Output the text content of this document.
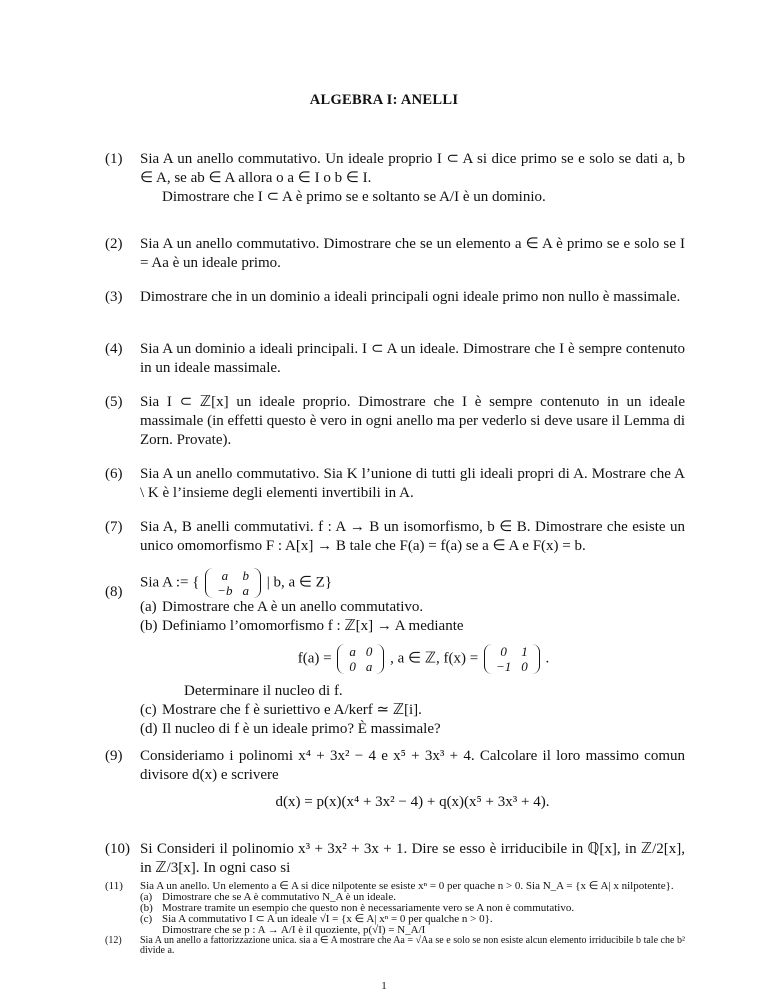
ALGEBRA I: ANELLI
(1) Sia A un anello commutativo. Un ideale proprio I ⊂ A si dice primo se e solo se dati a, b ∈ A, se ab ∈ A allora o a ∈ I o b ∈ I.
Dimostrare che I ⊂ A è primo se e soltanto se A/I è un dominio.
(2) Sia A un anello commutativo. Dimostrare che se un elemento a ∈ A è primo se e solo se I = Aa è un ideale primo.
(3) Dimostrare che in un dominio a ideali principali ogni ideale primo non nullo è massimale.
(4) Sia A un dominio a ideali principali. I ⊂ A un ideale. Dimostrare che I è sempre contenuto in un ideale massimale.
(5) Sia I ⊂ ℤ[x] un ideale proprio. Dimostrare che I è sempre contenuto in un ideale massimale (in effetti questo è vero in ogni anello ma per vederlo si deve usare il Lemma di Zorn. Provate).
(6) Sia A un anello commutativo. Sia K l’unione di tutti gli ideali propri di A. Mostrare che A \ K è l’insieme degli elementi invertibili in A.
(7) Sia A, B anelli commutativi. f : A → B un isomorfismo, b ∈ B. Dimostrare che esiste un unico omomorfismo F : A[x] → B tale che F(a) = f(a) se a ∈ A e F(x) = b.
(8)
Sia A := { a	b
−b	a
| b, a ∈ Z}
(a) Dimostrare che A è un anello commutativo.
(b) Definiamo l’omomorfismo f : ℤ[x] → A mediante
f(a) = a	0
0	a
, a ∈ ℤ, f(x) = 0	1
−1	0
.
Determinare il nucleo di f.
(c) Mostrare che f è suriettivo e A/kerf ≃ ℤ[i].
(d) Il nucleo di f è un ideale primo? È massimale?
(9) Consideriamo i polinomi x⁴ + 3x² − 4 e x⁵ + 3x³ + 4. Calcolare il loro massimo comun divisore d(x) e scrivere
d(x) = p(x)(x⁴ + 3x² − 4) + q(x)(x⁵ + 3x³ + 4).
(10) Si Consideri il polinomio x³ + 3x² + 3x + 1. Dire se esso è irriducibile in ℚ[x], in ℤ/2[x], in ℤ/3[x]. In ogni caso si
(11) Sia A un anello. Un elemento a ∈ A si dice nilpotente se esiste xⁿ = 0 per quache n > 0. Sia N_A = {x ∈ A| x nilpotente}.
(a) Dimostrare che se A è commutativo N_A è un ideale.
(b) Mostrare tramite un esempio che questo non è necessariamente vero se A non è commutativo.
(c) Sia A commutativo I ⊂ A un ideale √I = {x ∈ A| xⁿ = 0 per qualche n > 0}.
Dimostrare che se p : A → A/I è il quoziente, p(√I) = N_A/I
(12) Sia A un anello a fattorizzazione unica. sia a ∈ A mostrare che Aa = √Aa se e solo se non esiste alcun elemento irriducibile b tale che b² divide a.
1
